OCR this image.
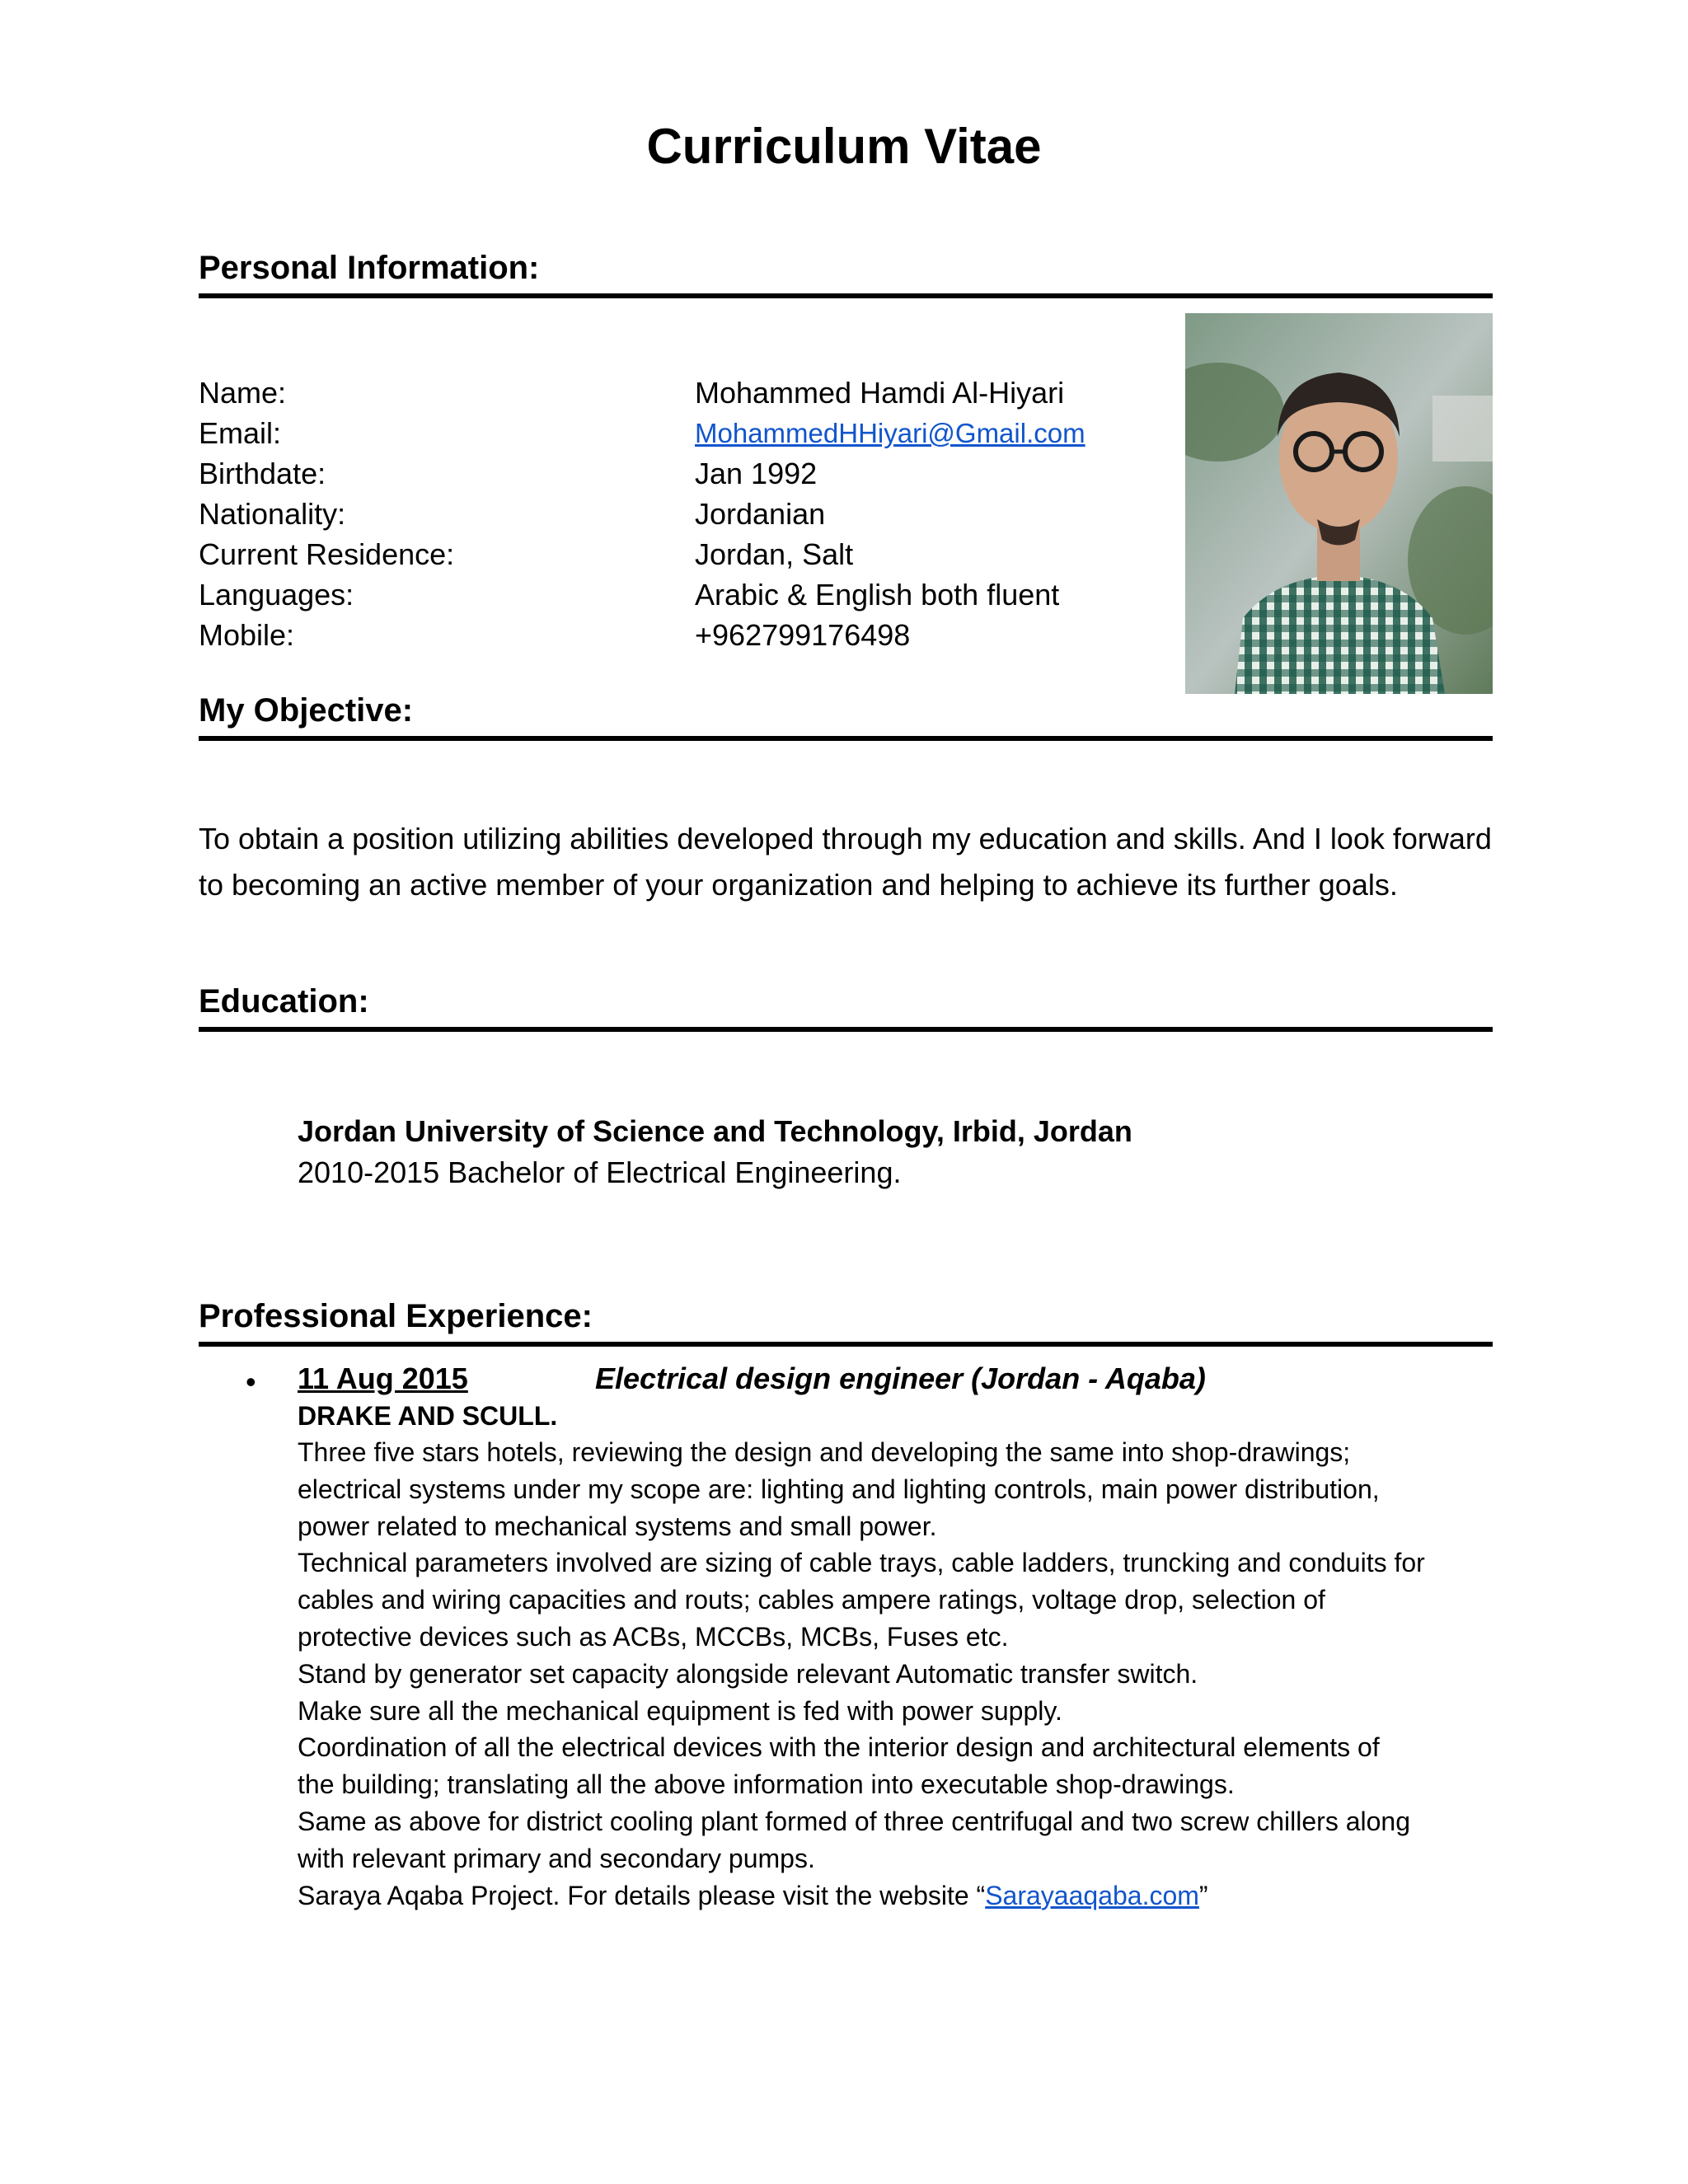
Curriculum Vitae
Personal Information:
Name:	Mohammed Hamdi Al-Hiyari
Email:	MohammedHHiyari@Gmail.com
Birthdate:	Jan 1992
Nationality:	Jordanian
Current Residence:	Jordan, Salt
Languages:	Arabic & English both fluent
Mobile:	+962799176498
My Objective:
To obtain a position utilizing abilities developed through my education and skills. And I look forward to becoming an active member of your organization and helping to achieve its further goals.
Education:
Jordan University of Science and Technology, Irbid, Jordan
2010-2015 Bachelor of Electrical Engineering.
Professional Experience:
• 11 Aug 2015	Electrical design engineer (Jordan - Aqaba)
DRAKE AND SCULL.
Three five stars hotels, reviewing the design and developing the same into shop-drawings;
electrical systems under my scope are: lighting and lighting controls, main power distribution,
power related to mechanical systems and small power.
Technical parameters involved are sizing of cable trays, cable ladders, truncking and conduits for
cables and wiring capacities and routs; cables ampere ratings, voltage drop, selection of
protective devices such as ACBs, MCCBs, MCBs, Fuses etc.
Stand by generator set capacity alongside relevant Automatic transfer switch.
Make sure all the mechanical equipment is fed with power supply.
Coordination of all the electrical devices with the interior design and architectural elements of
the building; translating all the above information into executable shop-drawings.
Same as above for district cooling plant formed of three centrifugal and two screw chillers along
with relevant primary and secondary pumps.
Saraya Aqaba Project. For details please visit the website “Sarayaaqaba.com”
